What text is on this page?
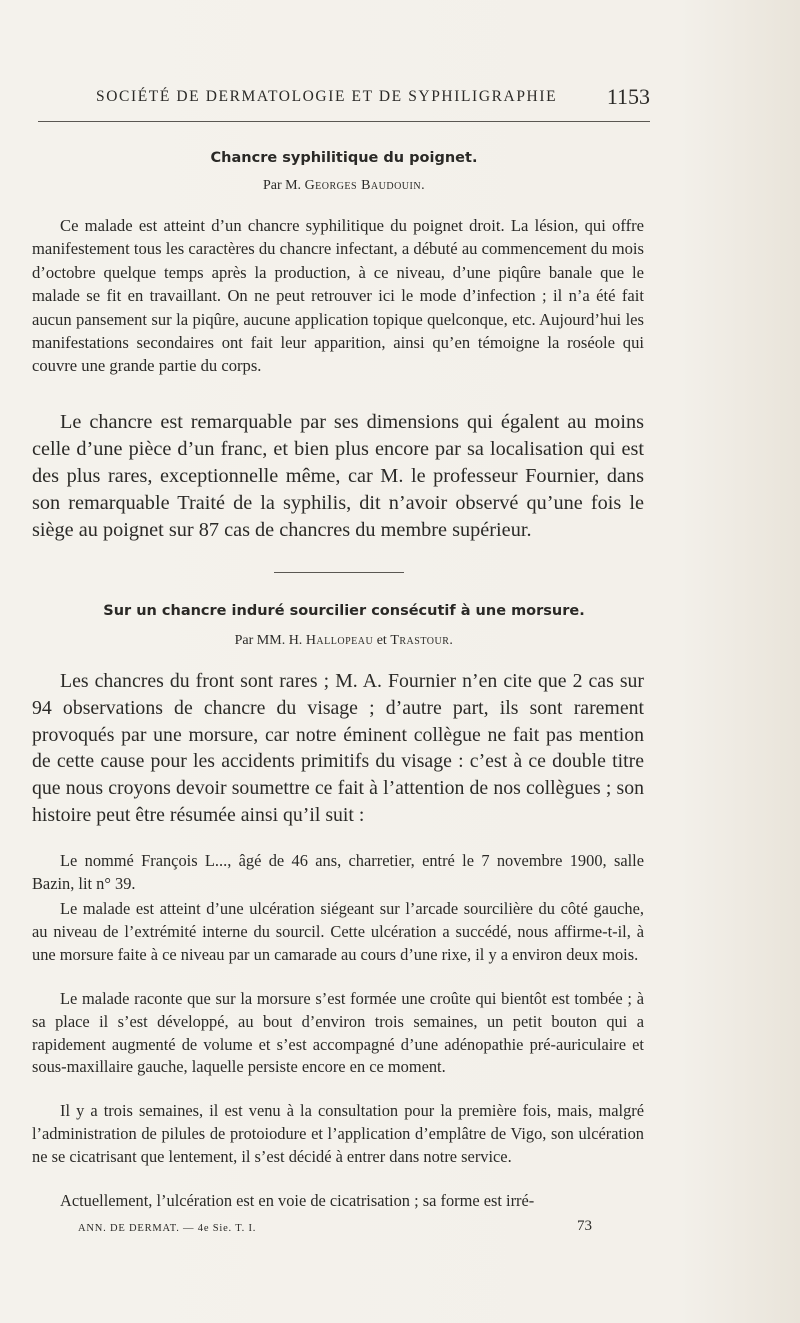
SOCIÉTÉ DE DERMATOLOGIE ET DE SYPHILIGRAPHIE 1153
Chancre syphilitique du poignet.
Par M. Georges Baudouin.

Ce malade est atteint d’un chancre syphilitique du poignet droit. La lésion, qui offre manifestement tous les caractères du chancre infectant, a débuté au commencement du mois d’octobre quelque temps après la production, à ce niveau, d’une piqûre banale que le malade se fit en travaillant. On ne peut retrouver ici le mode d’infection ; il n’a été fait aucun pansement sur la piqûre, aucune application topique quelconque, etc. Aujourd’hui les manifestations secondaires ont fait leur apparition, ainsi qu’en témoigne la roséole qui couvre une grande partie du corps.

Le chancre est remarquable par ses dimensions qui égalent au moins celle d’une pièce d’un franc, et bien plus encore par sa localisation qui est des plus rares, exceptionnelle même, car M. le professeur Fournier, dans son remarquable Traité de la syphilis, dit n’avoir observé qu’une fois le siège au poignet sur 87 cas de chancres du membre supérieur.

Sur un chancre induré sourcilier consécutif à une morsure.
Par MM. H. Hallopeau et Trastour.

Les chancres du front sont rares ; M. A. Fournier n’en cite que 2 cas sur 94 observations de chancre du visage ; d’autre part, ils sont rarement provoqués par une morsure, car notre éminent collègue ne fait pas mention de cette cause pour les accidents primitifs du visage : c’est à ce double titre que nous croyons devoir soumettre ce fait à l’attention de nos collègues ; son histoire peut être résumée ainsi qu’il suit :

Le nommé François L..., âgé de 46 ans, charretier, entré le 7 novembre 1900, salle Bazin, lit n° 39.

Le malade est atteint d’une ulcération siégeant sur l’arcade sourcilière du côté gauche, au niveau de l’extrémité interne du sourcil. Cette ulcération a succédé, nous affirme-t-il, à une morsure faite à ce niveau par un camarade au cours d’une rixe, il y a environ deux mois.

Le malade raconte que sur la morsure s’est formée une croûte qui bientôt est tombée ; à sa place il s’est développé, au bout d’environ trois semaines, un petit bouton qui a rapidement augmenté de volume et s’est accompagné d’une adénopathie pré-auriculaire et sous-maxillaire gauche, laquelle persiste encore en ce moment.

Il y a trois semaines, il est venu à la consultation pour la première fois, mais, malgré l’administration de pilules de protoiodure et l’application d’emplâtre de Vigo, son ulcération ne se cicatrisant que lentement, il s’est décidé à entrer dans notre service.

Actuellement, l’ulcération est en voie de cicatrisation ; sa forme est irré-

ANN. DE DERMAT. — 4e Sie. T. I.	73
